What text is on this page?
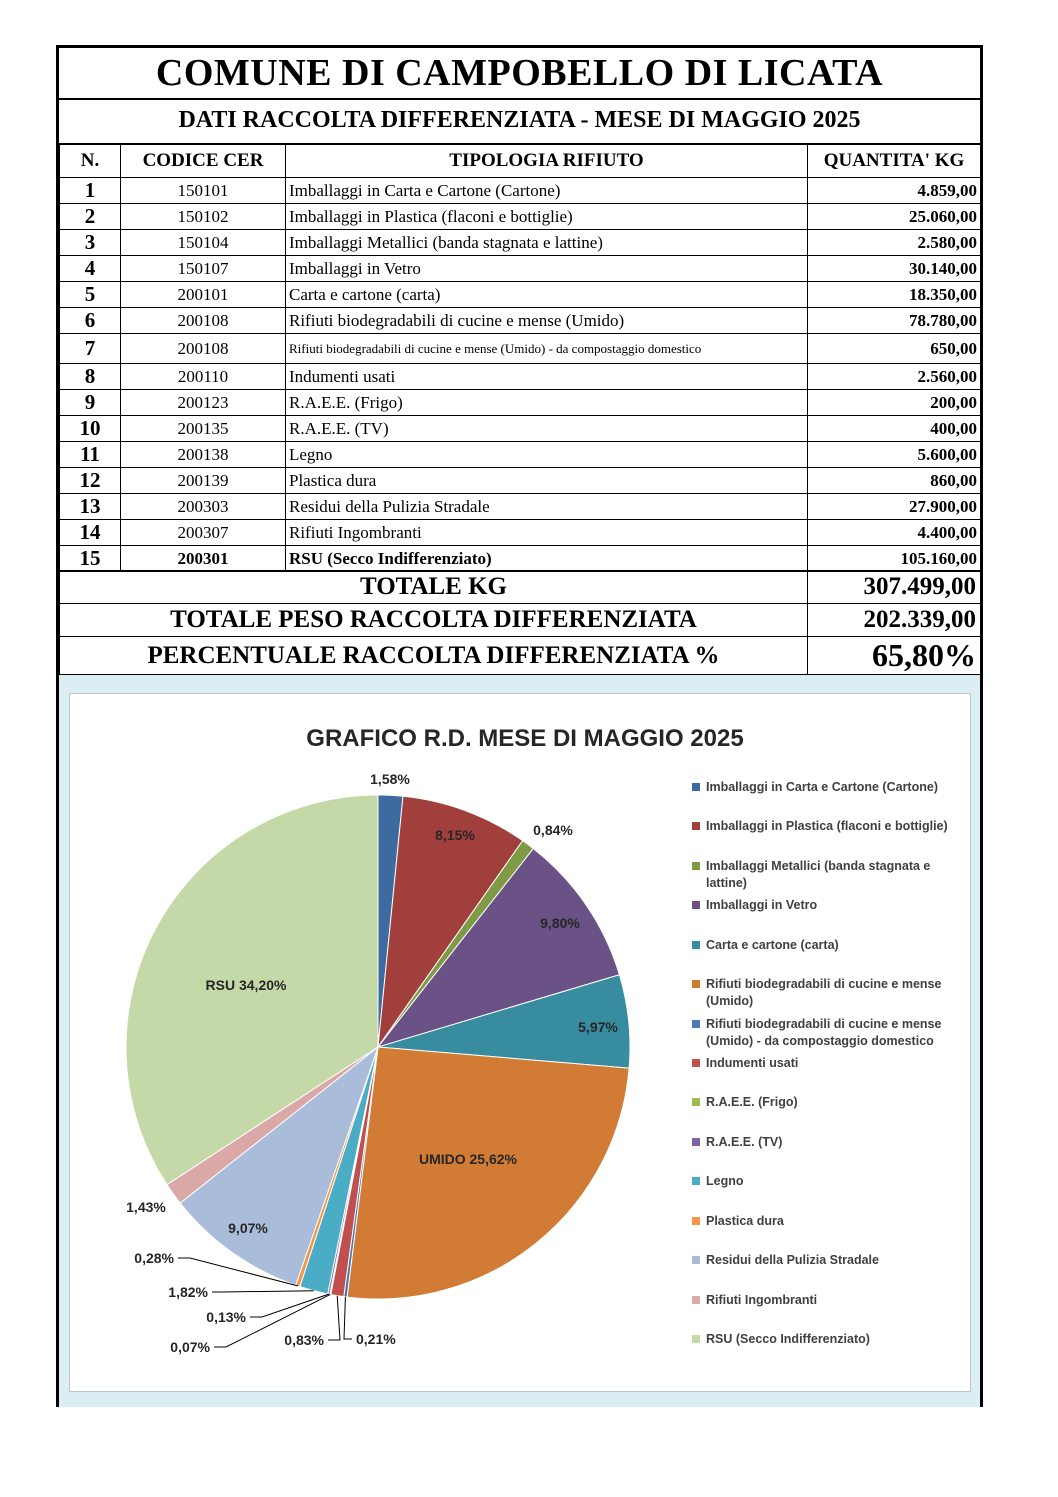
COMUNE DI CAMPOBELLO DI LICATA
DATI RACCOLTA DIFFERENZIATA - MESE DI MAGGIO 2025
N.	CODICE CER	TIPOLOGIA RIFIUTO	QUANTITA' KG
1	150101	Imballaggi in Carta e Cartone (Cartone)	4.859,00
2	150102	Imballaggi in Plastica (flaconi e bottiglie)	25.060,00
3	150104	Imballaggi Metallici (banda stagnata e lattine)	2.580,00
4	150107	Imballaggi in Vetro	30.140,00
5	200101	Carta e cartone (carta)	18.350,00
6	200108	Rifiuti biodegradabili di cucine e mense (Umido)	78.780,00
7	200108	Rifiuti biodegradabili di cucine e mense (Umido) - da compostaggio domestico	650,00
8	200110	Indumenti usati	2.560,00
9	200123	R.A.E.E. (Frigo)	200,00
10	200135	R.A.E.E. (TV)	400,00
11	200138	Legno	5.600,00
12	200139	Plastica dura	860,00
13	200303	Residui della Pulizia Stradale	27.900,00
14	200307	Rifiuti Ingombranti	4.400,00
15	200301	RSU (Secco Indifferenziato)	105.160,00
TOTALE KG	307.499,00
TOTALE PESO RACCOLTA DIFFERENZIATA	202.339,00
PERCENTUALE RACCOLTA DIFFERENZIATA %	65,80%
GRAFICO R.D. MESE DI MAGGIO 2025
1,58%
8,15%	0,84%
9,80%
5,97%
UMIDO 25,62%
0,21%
0,83%
0,07%
0,13%
1,82%
0,28%
9,07%
1,43%
RSU 34,20%
Imballaggi in Carta e Cartone (Cartone)
Imballaggi in Plastica (flaconi e bottiglie)
Imballaggi Metallici (banda stagnata e lattine)
Imballaggi in Vetro
Carta e cartone (carta)
Rifiuti biodegradabili di cucine e mense (Umido)
Rifiuti biodegradabili di cucine e mense (Umido) - da compostaggio domestico
Indumenti usati
R.A.E.E. (Frigo)
R.A.E.E. (TV)
Legno
Plastica dura
Residui della Pulizia Stradale
Rifiuti Ingombranti
RSU (Secco Indifferenziato)
